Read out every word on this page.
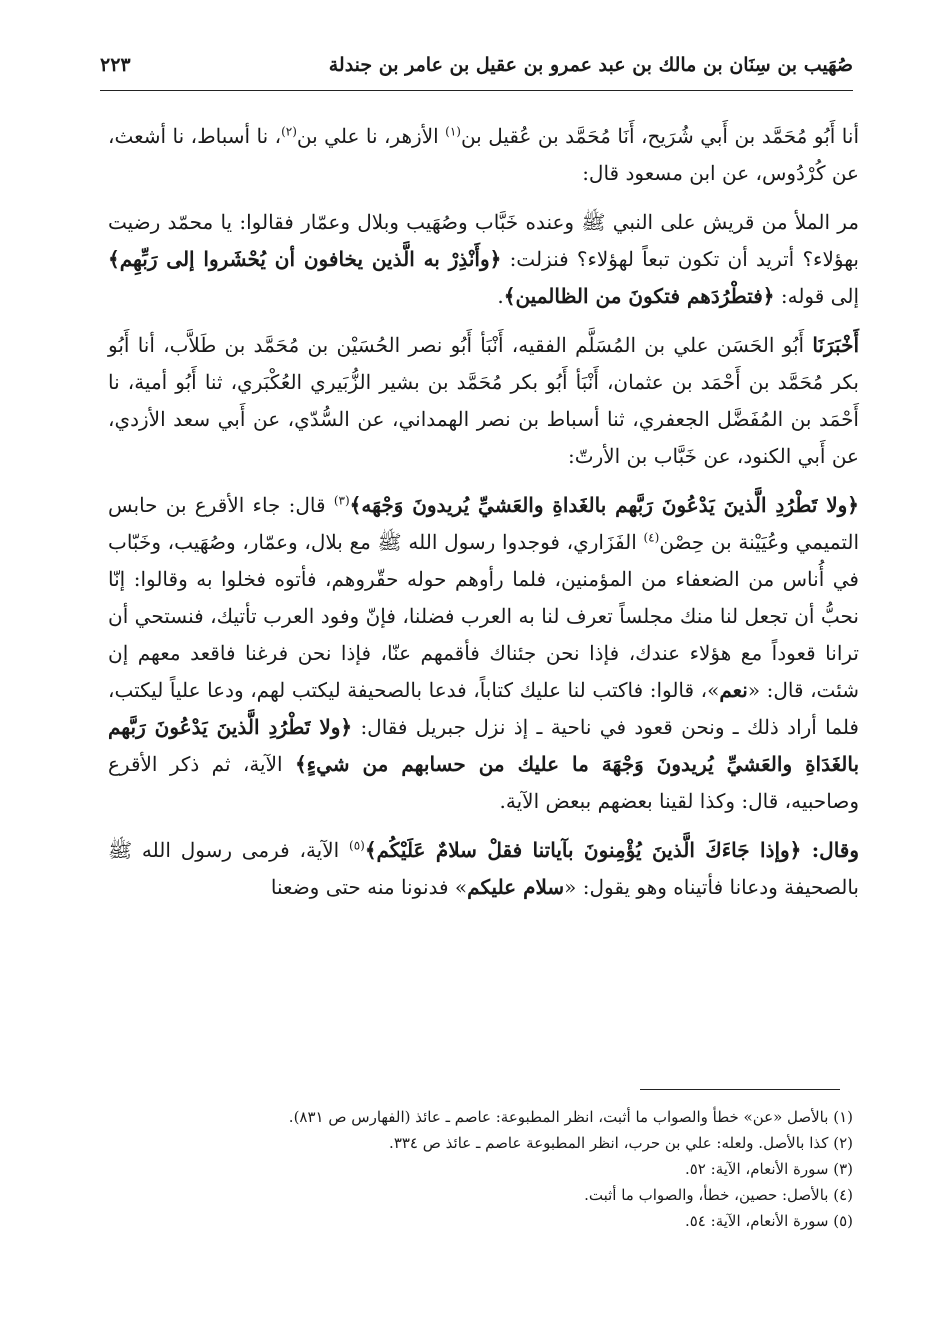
صُهَيب بن سِنَان بن مالك بن عبد عمرو بن عقيل بن عامر بن جندلة
٢٢٣

أنا أَبُو مُحَمَّد بن أَبي شُرَيح، أَنَا مُحَمَّد بن عُقيل بن$^{(١)}$ الأزهر، نا علي بن$^{(٢)}$، نا أسباط، نا أشعث، عن كُرْدُوس، عن ابن مسعود قال:

مر الملأ من قريش على النبي ﷺ وعنده خَبَّاب وصُهَيب وبلال وعمّار فقالوا: يا محمّد رضيت بهؤلاء؟ أتريد أن تكون تبعاً لهؤلاء؟ فنزلت: ﴿وأَنْذِرْ به الَّذين يخافون أن يُحْشَروا إلى رَبِّهِم﴾ إلى قوله: ﴿فتطْرُدَهم فتكونَ من الظالمين﴾.

أَخْبَرَنَا أَبُو الحَسَن علي بن المُسَلَّم الفقيه، أَنْبَأ أَبُو نصر الحُسَيْن بن مُحَمَّد بن طَلاَّب، أنا أَبُو بكر مُحَمَّد بن أَحْمَد بن عثمان، أَنْبَأ أَبُو بكر مُحَمَّد بن بشير الزُّبَيري العُكْبَري، ثنا أَبُو أمية، نا أَحْمَد بن المُفَضَّل الجعفري، ثنا أسباط بن نصر الهمداني، عن السُّدّي، عن أَبي سعد الأزدي، عن أَبي الكنود، عن خَبَّاب بن الأرتّ:

﴿ولا تَطْرُدِ الَّذينَ يَدْعُونَ رَبَّهم بالغَداةِ والعَشيِّ يُريدونَ وَجْهَه﴾$^{(٣)}$ قال: جاء الأقرع بن حابس التميمي وعُيَيْنة بن حِصْن$^{(٤)}$ الفَزَاري، فوجدوا رسول الله ﷺ مع بلال، وعمّار، وصُهَيب، وخَبّاب في أُناس من الضعفاء من المؤمنين، فلما رأوهم حوله حقّروهم، فأتوه فخلوا به وقالوا: إنّا نحبُّ أن تجعل لنا منك مجلساً تعرف لنا به العرب فضلنا، فإنّ وفود العرب تأتيك، فنستحي أن ترانا قعوداً مع هؤلاء عندك، فإذا نحن جئناك فأقمهم عنّا، فإذا نحن فرغنا فاقعد معهم إن شئت، قال: «نعم»، قالوا: فاكتب لنا عليك كتاباً، فدعا بالصحيفة ليكتب لهم، ودعا علياً ليكتب، فلما أراد ذلك ـ ونحن قعود في ناحية ـ إذ نزل جبريل فقال: ﴿ولا تَطْرُدِ الَّذينَ يَدْعُونَ رَبَّهم بالغَدَاةِ والعَشيِّ يُريدونَ وَجْهَهَ ما عليك من حسابهم من شيءٍ﴾ الآية، ثم ذكر الأقرع وصاحبيه، قال: وكذا لقينا بعضهم ببعض الآية.

وقال: ﴿وإذا جَاءَكَ الَّذينَ يُؤْمِنونَ بآياتنا فقلْ سلامٌ عَلَيْكُم﴾$^{(٥)}$ الآية، فرمى رسول الله ﷺ بالصحيفة ودعانا فأتيناه وهو يقول: «سلام عليكم» فدنونا منه حتى وضعنا

(١) بالأصل «عن» خطأ والصواب ما أثبت، انظر المطبوعة: عاصم ـ عائذ (الفهارس ص ٨٣١).

(٢) كذا بالأصل. ولعله: علي بن حرب، انظر المطبوعة عاصم ـ عائذ ص ٣٣٤.

(٣) سورة الأنعام، الآية: ٥٢.

(٤) بالأصل: حصين، خطأ، والصواب ما أثبت.

(٥) سورة الأنعام، الآية: ٥٤.
